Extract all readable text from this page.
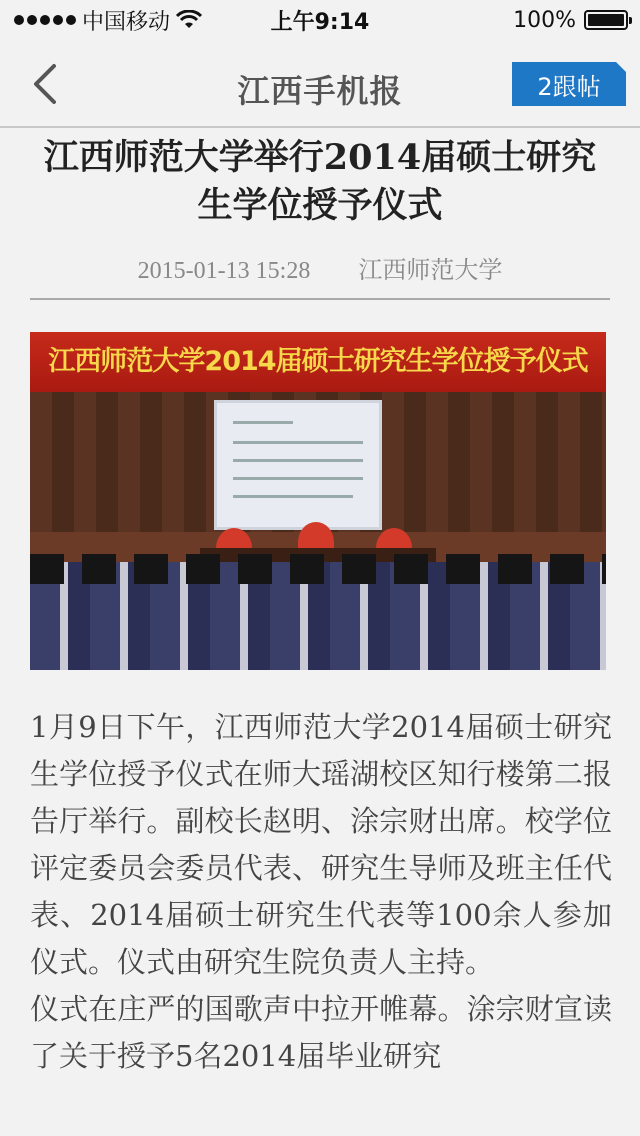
中国移动	上午9:14	100%
江西手机报	2跟帖
江西师范大学举行2014届硕士研究生学位授予仪式
2015-01-13 15:28 江西师范大学
江西师范大学2014届硕士研究生学位授予仪式

1月9日下午，江西师范大学2014届硕士研究生学位授予仪式在师大瑶湖校区知行楼第二报告厅举行。副校长赵明、涂宗财出席。校学位评定委员会委员代表、研究生导师及班主任代表、2014届硕士研究生代表等100余人参加仪式。仪式由研究生院负责人主持。

仪式在庄严的国歌声中拉开帷幕。涂宗财宣读了关于授予5名2014届毕业研究
